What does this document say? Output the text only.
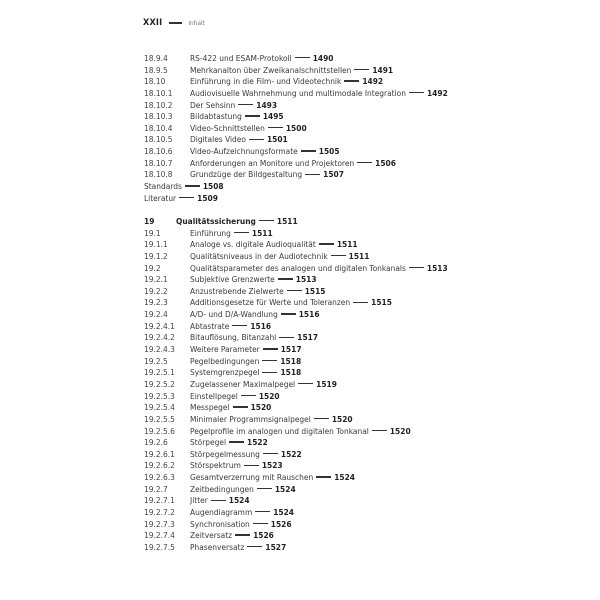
XXII	Inhalt
18.9.4	RS-422 und ESAM-Protokoll	1490
18.9.5	Mehrkanalton über Zweikanalschnittstellen	1491
18.10	Einführung in die Film- und Videotechnik	1492
18.10.1	Audiovisuelle Wahrnehmung und multimodale Integration	1492
18.10.2	Der Sehsinn	1493
18.10.3	Bildabtastung	1495
18.10.4	Video-Schnittstellen	1500
18.10.5	Digitales Video	1501
18.10.6	Video-Aufzeichnungsformate	1505
18.10.7	Anforderungen an Monitore und Projektoren	1506
18.10.8	Grundzüge der Bildgestaltung	1507
Standards	1508
Literatur	1509
19	Qualitätssicherung	1511
19.1	Einführung	1511
19.1.1	Analoge vs. digitale Audioqualität	1511
19.1.2	Qualitätsniveaus in der Audiotechnik	1511
19.2	Qualitätsparameter des analogen und digitalen Tonkanals	1513
19.2.1	Subjektive Grenzwerte	1513
19.2.2	Anzustrebende Zielwerte	1515
19.2.3	Additionsgesetze für Werte und Toleranzen	1515
19.2.4	A/D- und D/A-Wandlung	1516
19.2.4.1	Abtastrate	1516
19.2.4.2	Bitauflösung, Bitanzahl	1517
19.2.4.3	Weitere Parameter	1517
19.2.5	Pegelbedingungen	1518
19.2.5.1	Systemgrenzpegel	1518
19.2.5.2	Zugelassener Maximalpegel	1519
19.2.5.3	Einstellpegel	1520
19.2.5.4	Messpegel	1520
19.2.5.5	Minimaler Programmsignalpegel	1520
19.2.5.6	Pegelprofile im analogen und digitalen Tonkanal	1520
19.2.6	Störpegel	1522
19.2.6.1	Störpegelmessung	1522
19.2.6.2	Störspektrum	1523
19.2.6.3	Gesamtverzerrung mit Rauschen	1524
19.2.7	Zeitbedingungen	1524
19.2.7.1	Jitter	1524
19.2.7.2	Augendiagramm	1524
19.2.7.3	Synchronisation	1526
19.2.7.4	Zeitversatz	1526
19.2.7.5	Phasenversatz	1527
